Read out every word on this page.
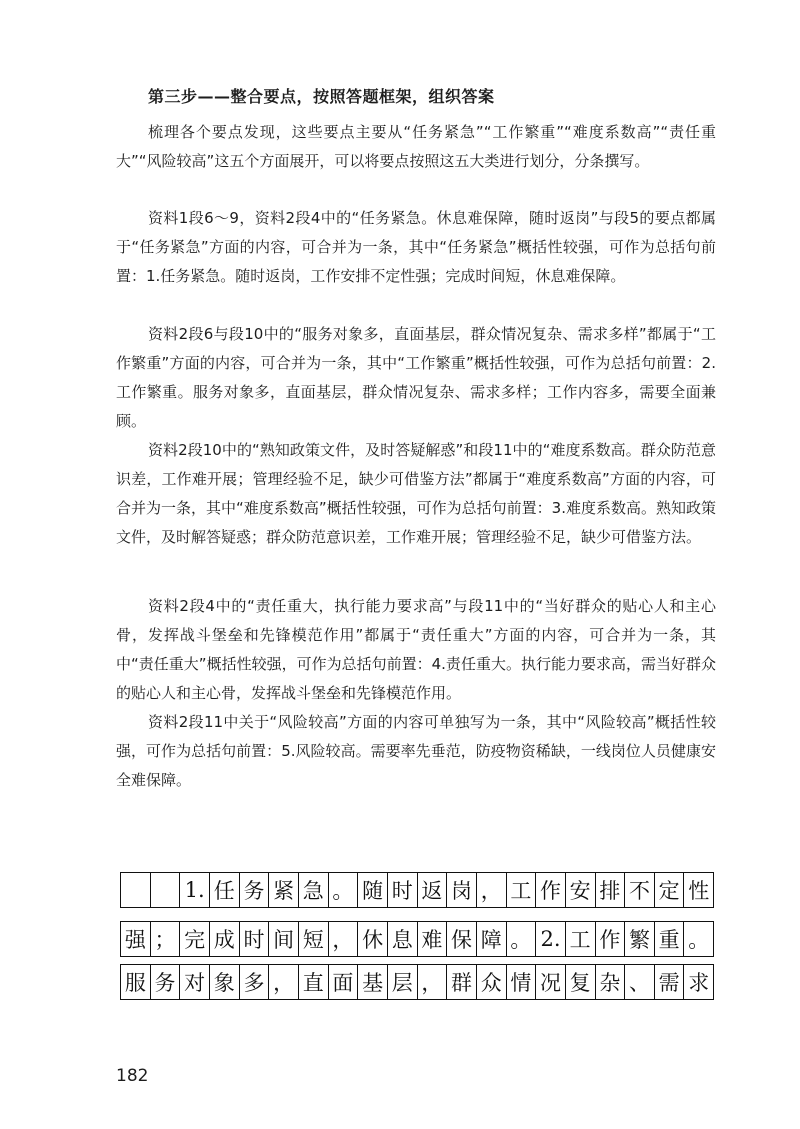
第三步——整合要点，按照答题框架，组织答案

梳理各个要点发现，这些要点主要从“任务紧急”“工作繁重”“难度系数高”“责任重大”“风险较高”这五个方面展开，可以将要点按照这五大类进行划分，分条撰写。

资料1段6～9，资料2段4中的“任务紧急。休息难保障，随时返岗”与段5的要点都属于“任务紧急”方面的内容，可合并为一条，其中“任务紧急”概括性较强，可作为总括句前置：1.任务紧急。随时返岗，工作安排不定性强；完成时间短，休息难保障。

资料2段6与段10中的“服务对象多，直面基层，群众情况复杂、需求多样”都属于“工作繁重”方面的内容，可合并为一条，其中“工作繁重”概括性较强，可作为总括句前置：2.工作繁重。服务对象多，直面基层，群众情况复杂、需求多样；工作内容多，需要全面兼顾。

资料2段10中的“熟知政策文件，及时答疑解惑”和段11中的“难度系数高。群众防范意识差，工作难开展；管理经验不足，缺少可借鉴方法”都属于“难度系数高”方面的内容，可合并为一条，其中“难度系数高”概括性较强，可作为总括句前置：3.难度系数高。熟知政策文件，及时解答疑惑；群众防范意识差，工作难开展；管理经验不足，缺少可借鉴方法。

资料2段4中的“责任重大，执行能力要求高”与段11中的“当好群众的贴心人和主心骨，发挥战斗堡垒和先锋模范作用”都属于“责任重大”方面的内容，可合并为一条，其中“责任重大”概括性较强，可作为总括句前置：4.责任重大。执行能力要求高，需当好群众的贴心人和主心骨，发挥战斗堡垒和先锋模范作用。

资料2段11中关于“风险较高”方面的内容可单独写为一条，其中“风险较高”概括性较强，可作为总括句前置：5.风险较高。需要率先垂范，防疫物资稀缺，一线岗位人员健康安全难保障。

1. 任 务 紧 急 。 随 时 返 岗 ， 工 作 安 排 不 定 性
强 ； 完 成 时 间 短 ， 休 息 难 保 障 。 2. 工 作 繁 重 。
服 务 对 象 多 ， 直 面 基 层 ， 群 众 情 况 复 杂 、 需 求
182
